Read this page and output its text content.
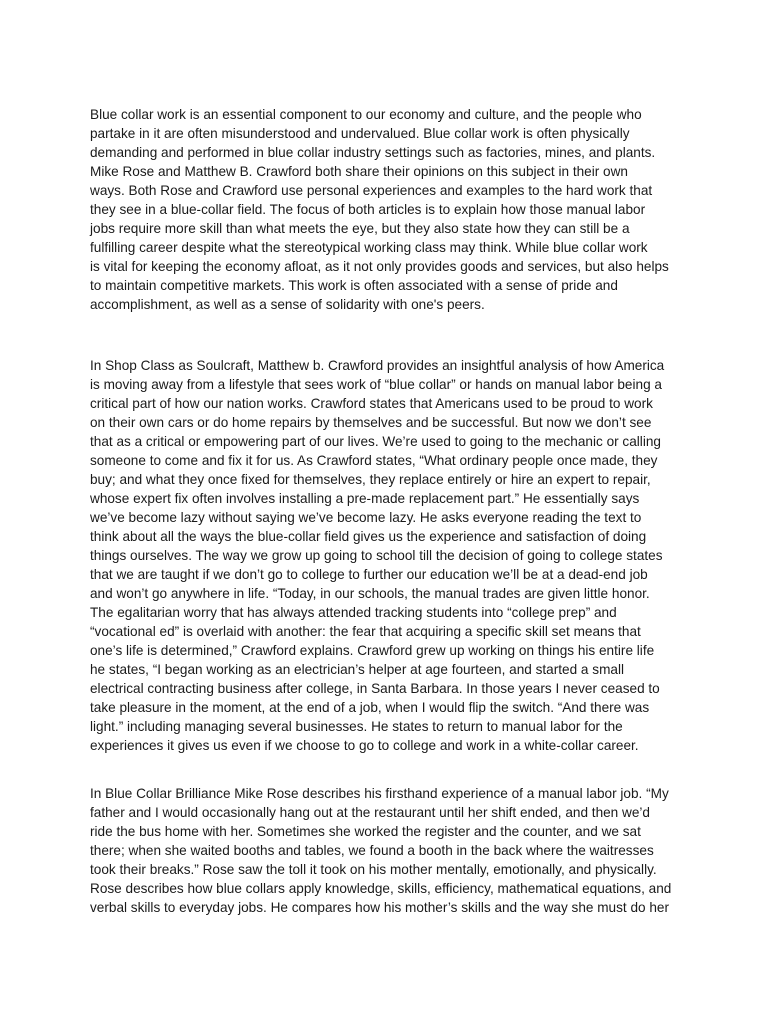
Blue collar work is an essential component to our economy and culture, and the people who
partake in it are often misunderstood and undervalued. Blue collar work is often physically
demanding and performed in blue collar industry settings such as factories, mines, and plants.
Mike Rose and Matthew B. Crawford both share their opinions on this subject in their own
ways. Both Rose and Crawford use personal experiences and examples to the hard work that
they see in a blue-collar field. The focus of both articles is to explain how those manual labor
jobs require more skill than what meets the eye, but they also state how they can still be a
fulfilling career despite what the stereotypical working class may think. While blue collar work
is vital for keeping the economy afloat, as it not only provides goods and services, but also helps
to maintain competitive markets. This work is often associated with a sense of pride and
accomplishment, as well as a sense of solidarity with one's peers.

In Shop Class as Soulcraft, Matthew b. Crawford provides an insightful analysis of how America
is moving away from a lifestyle that sees work of “blue collar” or hands on manual labor being a
critical part of how our nation works. Crawford states that Americans used to be proud to work
on their own cars or do home repairs by themselves and be successful. But now we don’t see
that as a critical or empowering part of our lives. We’re used to going to the mechanic or calling
someone to come and fix it for us. As Crawford states, “What ordinary people once made, they
buy; and what they once fixed for themselves, they replace entirely or hire an expert to repair,
whose expert fix often involves installing a pre-made replacement part.” He essentially says
we’ve become lazy without saying we’ve become lazy. He asks everyone reading the text to
think about all the ways the blue-collar field gives us the experience and satisfaction of doing
things ourselves. The way we grow up going to school till the decision of going to college states
that we are taught if we don’t go to college to further our education we’ll be at a dead-end job
and won’t go anywhere in life. “Today, in our schools, the manual trades are given little honor.
The egalitarian worry that has always attended tracking students into “college prep” and
“vocational ed” is overlaid with another: the fear that acquiring a specific skill set means that
one’s life is determined,” Crawford explains. Crawford grew up working on things his entire life
he states, “I began working as an electrician’s helper at age fourteen, and started a small
electrical contracting business after college, in Santa Barbara. In those years I never ceased to
take pleasure in the moment, at the end of a job, when I would flip the switch. “And there was
light.” including managing several businesses. He states to return to manual labor for the
experiences it gives us even if we choose to go to college and work in a white-collar career.

In Blue Collar Brilliance Mike Rose describes his firsthand experience of a manual labor job. “My
father and I would occasionally hang out at the restaurant until her shift ended, and then we’d
ride the bus home with her. Sometimes she worked the register and the counter, and we sat
there; when she waited booths and tables, we found a booth in the back where the waitresses
took their breaks.” Rose saw the toll it took on his mother mentally, emotionally, and physically.
Rose describes how blue collars apply knowledge, skills, efficiency, mathematical equations, and
verbal skills to everyday jobs. He compares how his mother’s skills and the way she must do her
